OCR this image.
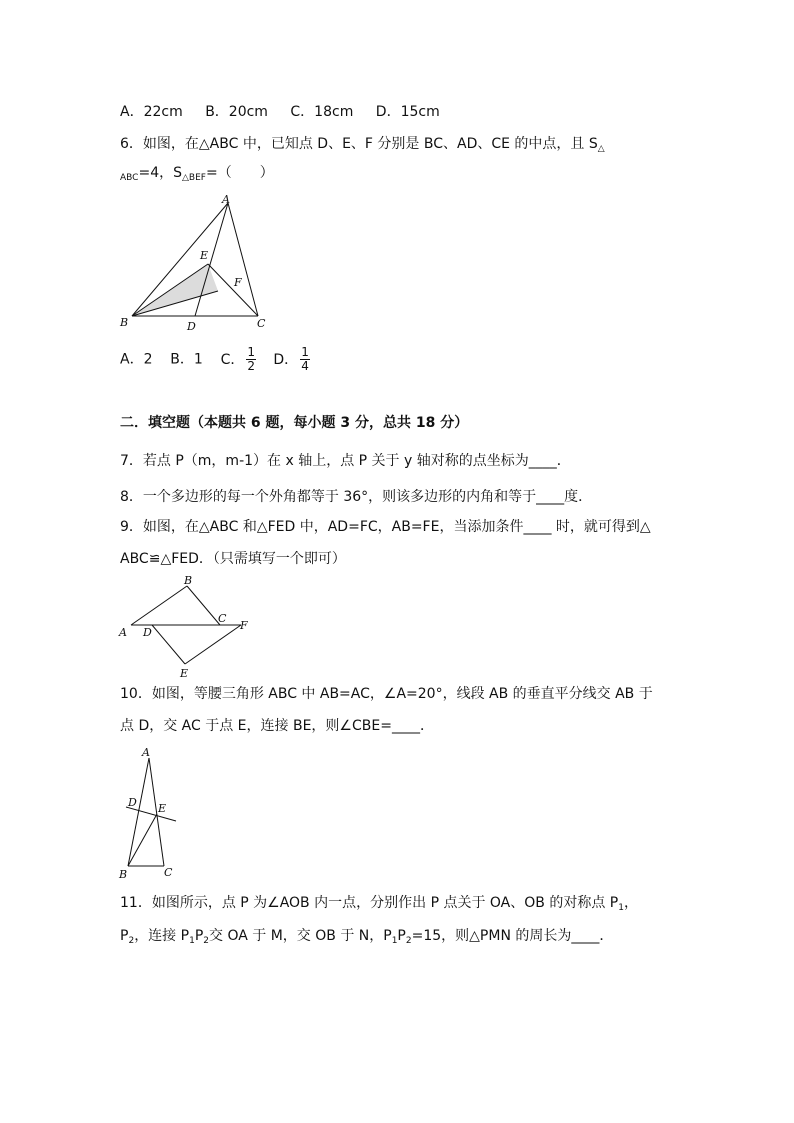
A．22cm B．20cm C．18cm D．15cm
6．如图，在△ABC 中，已知点 D、E、F 分别是 BC、AD、CE 的中点，且 $S_\triangle$
$_{ABC}$=4，$S_{\triangle BEF}=$（　　）
A
B	C
D
E
F
A．2 B．1 C． $\frac{1}{2}$ D． $\frac{1}{4}$
二．填空题（本题共 6 题，每小题 3 分，总共 18 分）
7．若点 P（m，m-1）在 x 轴上，点 P 关于 y 轴对称的点坐标为____．
8．一个多边形的每一个外角都等于 36°，则该多边形的内角和等于____度．
9．如图，在△ABC 和△FED 中，AD=FC，AB=FE，当添加条件____ 时，就可得到△
ABC≌△FED．（只需填写一个即可）
A
B
C
D
E
F
10．如图，等腰三角形 ABC 中 AB=AC，∠A=20°，线段 AB 的垂直平分线交 AB 于
点 D，交 AC 于点 E，连接 BE，则∠CBE=____．
A
B	C
D E
11．如图所示，点 P 为∠AOB 内一点，分别作出 P 点关于 OA、OB 的对称点 $P_1$，
$P_2$，连接 $P_1P_2$交 OA 于 M，交 OB 于 N，$P_1P_2=15$，则△PMN 的周长为____．
